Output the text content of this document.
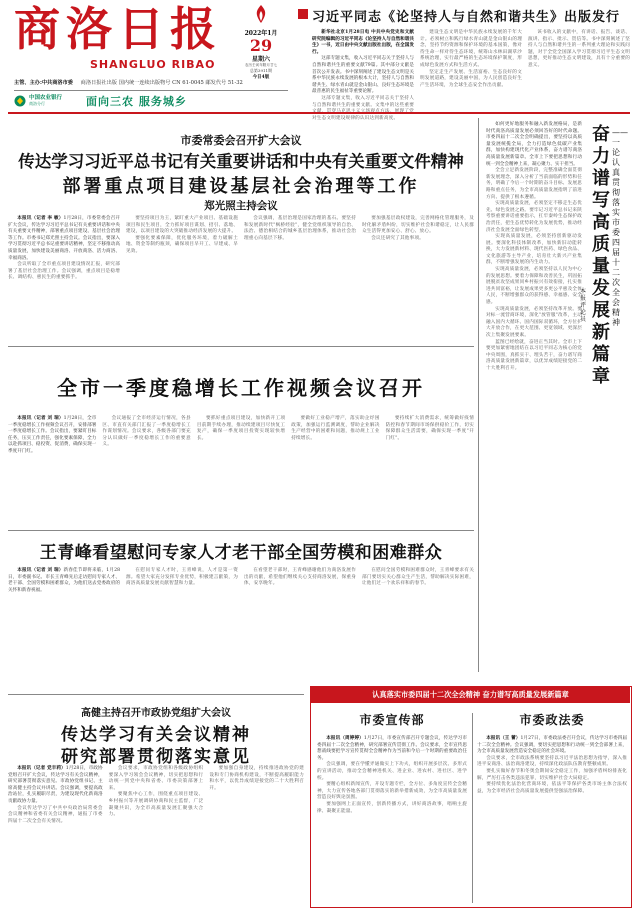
商洛日报
SHANGLUO RIBAO
主管、主办:中共商洛市委 商洛日报社出版 国内统一连续出版物号 CN 61-0045 邮发代号 51-32
中国农业银行
商洛分行	面向三农 服务城乡
2022年1月
29
星期六
农历壬寅年腊月廿七
总第3911期
今日4版
习近平同志《论坚持人与自然和谐共生》出版发行

新华社北京1月28日电 中共中央党史和文献研究院编辑的习近平同志《论坚持人与自然和谐共生》一书，近日由中央文献出版社出版，在全国发行。

这部专题文集，收入习近平同志关于坚持人与自然和谐共生的重要文献79篇。其中部分文献是首次公开发表。书中深刻阐述了建设生态文明是关系中华民族永续发展的根本大计，坚持人与自然和谐共生、绿水青山就是金山银山、良好生态环境是最普惠的民生福祉等重要论断。

这部专题文集，收入习近平同志关于坚持人与自然和谐共生的重要文献。文集中的这些重要 对生态文明建设规律的认识达到新高度。

建设生态文明是中华民族永续发展的千年大计。必须树立和践行绿水青山就是金山银山的理念，坚持节约资源和保护环境的基本国策，像对待生命一样对待生态环境，统筹山水林田湖草沙系统治理，实行最严格的生态环境保护制度，形成绿色发展方式和生活方式。

坚定走生产发展、生活富裕、生态良好的文明发展道路，建设美丽中国，为人民创造良好生产生活环境，为全球生态安全作出贡献。

该书收入的文献中，有讲话、报告、谈话、演讲、指示、批示、贺信等。书中深刻阐述了坚持人与自然和谐共生的一系列重大理论和实践问题，对于全党全国深入学习贯彻习近平生态文明思想，更好推动生态文明建设，具有十分重要的意义。

如何更好地服务和融入新发展格局，是新时代商洛高质量发展必须回答好的时代命题。市委四届十二次全会明确提出，要坚持以高质量发展统揽全局，全力打造绿色低碳产业集群，加快构建现代化产业体系，奋力谱写商洛高质量发展新篇章。全市上下要把思想和行动统一到全会精神上来，凝心聚力、实干担当。

全会立足新发展阶段，完整准确全面贯彻新发展理念，深入分析了当前面临的形势和任务，明确了今后一个时期的奋斗目标、发展思路和重点任务，为全市高质量发展指明了前进方向、提供了根本遵循。

实现高质量发展，必须坚定不移走生态优先、绿色发展之路。要牢记习近平总书记来陕考察重要讲话重要指示，扛牢秦岭生态保护政治责任，把生态优势转化为发展优势，推动经济社会发展全面绿色转型。

实现高质量发展，必须坚持创新驱动发展。要深化科技体制改革，加快新旧动能转换，大力发展新材料、现代医药、绿色食品、文化旅游等主导产业，培育壮大新兴产业集群，不断增强发展的内生动力。

实现高质量发展，必须坚持以人民为中心的发展思想。要着力保障和改善民生，巩固拓展脱贫攻坚成果同乡村振兴有效衔接，扎实推进共同富裕，让发展成果更多更公平惠及全体人民，不断增强群众的获得感、幸福感、安全感。

实现高质量发展，必须坚持改革开放。要对标一流营商环境，深化"放管服"改革，主动融入国内大循环、国内国际双循环，全方位扩大开放合作，在更大范围、更宽领域、更深层次上集聚发展要素。

蓝图已经绘就，奋进正当其时。全市上下要更加紧密地团结在以习近平同志为核心的党中央周围，真抓实干、埋头苦干，奋力谱写商洛高质量发展新篇章，以优异成绩迎接党的二十大胜利召开。

奋力谱写高质量发展新篇章
——一论认真贯彻落实市委四届十二次全会精神
本报评论员
市委常委会召开扩大会议
传达学习习近平总书记有关重要讲话和中央有关重要文件精神
部署重点项目建设基层社会治理等工作
郑光照主持会议

本报讯（记者 李 敏）1月28日，市委常委会召开扩大会议，传达学习习近平总书记有关重要讲话和中央有关重要文件精神，部署重点项目建设、基层社会治理等工作。市委书记郑光照主持会议。会议指出，要深入学习贯彻习近平总书记重要讲话精神，坚定不移推动高质量发展，加快建设美丽商洛、开放商洛、活力商洛、幸福商洛。

会议听取了全市重点项目建设情况汇报，研究部署了基层社会治理工作。会议强调，重点项目是稳增长、调结构、惠民生的重要抓手。

要坚持项目为王，紧盯重大产业项目、基础设施项目和民生项目，全力抓好项目谋划、招引、落地、建设，以项目建设的大突破推动经济发展的大提升。

要强化要素保障，优化服务环境，着力破解土地、资金等制约瓶颈，确保项目早开工、早建成、早见效。

会议强调，基层治理是国家治理的基石。要坚持和发展新时代"枫桥经验"，健全党组织领导的自治、法治、德治相结合的城乡基层治理体系，推动社会治理重心向基层下移。

要加强基层政权建设，完善网格化管理服务，及时化解矛盾纠纷，切实维护社会和谐稳定，让人民群众生活得更加安心、舒心、放心。

会议还研究了其他事项。

全市一季度稳增长工作视频会议召开

本报讯（记者 刘 瑞）1月28日，全市一季度稳增长工作视频会议召开，安排部署一季度稳增长工作。会议指出，要紧盯目标任务，压实工作责任，强化要素保障，全力以赴抓项目、稳投资、促消费，确保实现一季度开门红。

会议通报了全市经济运行情况，各县区、市直有关部门汇报了一季度稳增长工作谋划情况。会议要求，各级各部门要充分认识做好一季度稳增长工作的重要意义。

要抓好重点项目建设，加快新开工项目前期手续办理，推动续建项目尽快复工复产，确保一季度项目投资实现较快增长。

要做好工业稳产增产，落实助企纾困政策，加强运行监测调度，帮助企业解决生产经营中的困难和问题，推动规上工业持续增长。

要持续扩大消费需求，统筹做好疫情防控和春节期间市场保供稳价工作，切实保障群众生活需要，确保实现一季度"开门红"。

王青峰看望慰问专家人才老干部全国劳模和困难群众

本报讯（记者 刘 瑞）新春佳节即将来临，1月28日，市委副书记、市长王青峰先后走访慰问专家人才、老干部、全国劳模和困难群众，为他们送去党委政府的关怀和新春祝福。

在慰问专家人才时，王青峰说，人才是第一资源。希望大家充分发挥专业优势，积极建言献策，为商洛高质量发展贡献智慧和力量。

在看望老干部时，王青峰感谢他们为商洛发展作出的贡献，希望他们继续关心支持商洛发展，保重身体，安享晚年。

在慰问全国劳模和困难群众时，王青峰要求有关部门要切实关心群众生产生活，帮助解决实际困难，让他们过一个欢乐祥和的春节。

高健主持召开市政协党组扩大会议
传达学习有关会议精神
研究部署贯彻落实意见

本报讯（记者 党丰莉）1月28日，市政协党组召开扩大会议，传达学习有关会议精神，研究部署贯彻落实意见。市政协党组书记、主席高健主持会议并讲话。会议强调，要提高政治站位，扎实履职尽责，为建设现代化新商洛贡献政协力量。

会议传达学习了中共中央政治局常委会会议精神和省委有关会议精神，通报了市委四届十二次全会有关情况。

会议要求，市政协党组和各级政协组织要深入学习领会会议精神，切实把思想和行动统一到党中央和省委、市委决策部署上来。

要聚焦中心工作，围绕重点项目建设、乡村振兴等开展调研协商和民主监督，广泛凝聚共识，为全市高质量发展汇聚强大合力。

要加强自身建设，持续推进政协党的建设和专门协商机构建设，不断提高履职能力和水平，以优异成绩迎接党的二十大胜利召开。

认真落实市委四届十二次全会精神 奋力谱写高质量发展新篇章
市委宣传部

本报讯（周婷婷）1月27日，市委宣传部召开专题会议，传达学习市委四届十二次全会精神，研究部署宣传贯彻工作。会议要求，全市宣传思想战线要把学习宣传贯彻全会精神作为当前和今后一个时期的重要政治任务。

会议强调，要在学懂弄通做实上下功夫，组织开展多层次、多形式的宣讲活动，推动全会精神进机关、进企业、进农村、进社区、进学校。

要精心组织新闻宣传，开设专题专栏，全方位、多角度宣传全会精神，大力宣传各地各部门贯彻落实的新举措新成效，为全市高质量发展营造良好舆论氛围。

要加强网上正面宣传，创新传播方式，讲好商洛故事，唱响主旋律、凝聚正能量。

市委政法委

本报讯（王 蕾）1月27日，市委政法委召开会议，传达学习市委四届十二次全会精神。会议强调，要切实把思想和行动统一到全会部署上来，为全市高质量发展营造安全稳定的社会环境。

会议要求，全市政法系统要坚持以习近平法治思想为指导，深入推进平安商洛、法治商洛建设，持续深化政法队伍教育整顿成果。

要扎实做好春节和冬奥会期间安全稳定工作，加强矛盾纠纷排查化解，严厉打击各类违法犯罪，切实维护社会大局稳定。

要持续优化法治化营商环境，依法平等保护各类市场主体合法权益，为全市经济社会高质量发展提供坚强法治保障。
